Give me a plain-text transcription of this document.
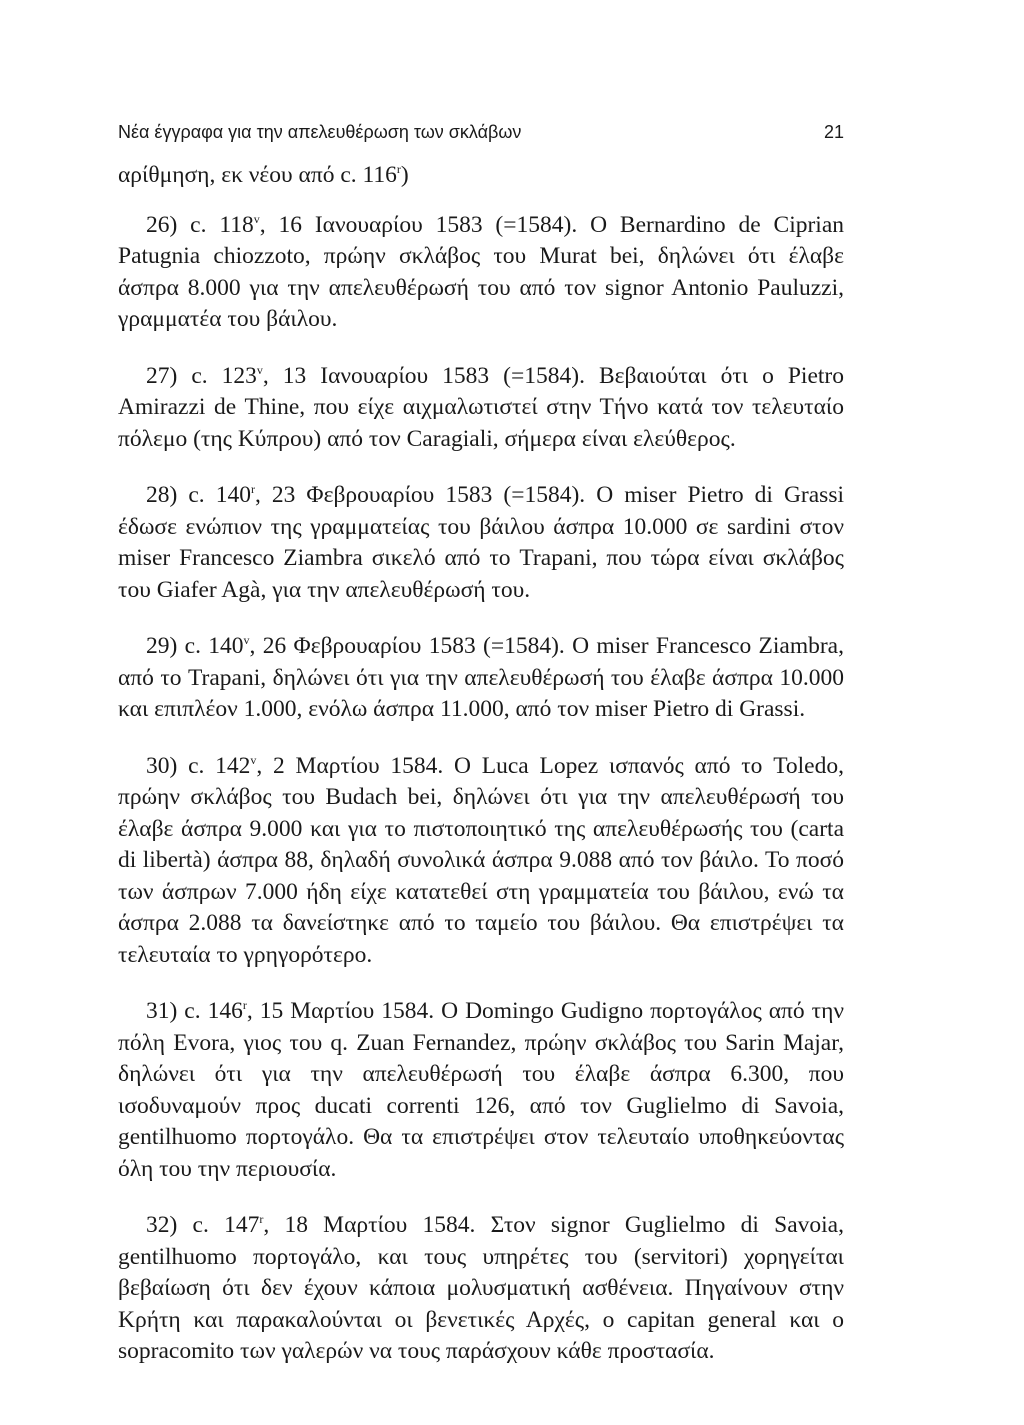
Νέα έγγραφα για την απελευθέρωση των σκλάβων	21

αρίθμηση, εκ νέου από c. 116$^r$)

26) c. 118$^v$, 16 Ιανουαρίου 1583 (=1584). Ο Bernardino de Ciprian Patugnia chiozzoto, πρώην σκλάβος του Murat bei, δηλώνει ότι έλαβε άσπρα 8.000 για την απελευθέρωσή του από τον signor Antonio Pauluzzi, γραμματέα του βάιλου.

27) c. 123$^v$, 13 Ιανουαρίου 1583 (=1584). Βεβαιούται ότι ο Pietro Amirazzi de Thine, που είχε αιχμαλωτιστεί στην Τήνο κατά τον τελευταίο πόλεμο (της Κύπρου) από τον Caragiali, σήμερα είναι ελεύθερος.

28) c. 140$^r$, 23 Φεβρουαρίου 1583 (=1584). Ο miser Pietro di Grassi έδωσε ενώπιον της γραμματείας του βάιλου άσπρα 10.000 σε sardini στον miser Francesco Ziambra σικελό από το Trapani, που τώρα είναι σκλάβος του Giafer Agà, για την απελευθέρωσή του.

29) c. 140$^v$, 26 Φεβρουαρίου 1583 (=1584). Ο miser Francesco Ziambra, από το Trapani, δηλώνει ότι για την απελευθέρωσή του έλαβε άσπρα 10.000 και επιπλέον 1.000, ενόλω άσπρα 11.000, από τον miser Pietro di Grassi.

30) c. 142$^v$, 2 Μαρτίου 1584. Ο Luca Lopez ισπανός από το Toledo, πρώην σκλάβος του Budach bei, δηλώνει ότι για την απελευθέρωσή του έλαβε άσπρα 9.000 και για το πιστοποιητικό της απελευθέρωσής του (carta di libertà) άσπρα 88, δηλαδή συνολικά άσπρα 9.088 από τον βάιλο. Το ποσό των άσπρων 7.000 ήδη είχε κατατεθεί στη γραμματεία του βάιλου, ενώ τα άσπρα 2.088 τα δανείστηκε από το ταμείο του βάιλου. Θα επιστρέψει τα τελευταία το γρηγορότερο.

31) c. 146$^r$, 15 Μαρτίου 1584. Ο Domingo Gudigno πορτογάλος από την πόλη Evora, γιος του q. Zuan Fernandez, πρώην σκλάβος του Sarin Majar, δηλώνει ότι για την απελευθέρωσή του έλαβε άσπρα 6.300, που ισοδυναμούν προς ducati correnti 126, από τον Guglielmo di Savoia, gentilhuomo πορτογάλο. Θα τα επιστρέψει στον τελευταίο υποθηκεύοντας όλη του την περιουσία.

32) c. 147$^r$, 18 Μαρτίου 1584. Στον signor Guglielmo di Savoia, gentilhuomo πορτογάλο, και τους υπηρέτες του (servitori) χορηγείται βεβαίωση ότι δεν έχουν κάποια μολυσματική ασθένεια. Πηγαίνουν στην Κρήτη και παρακαλούνται οι βενετικές Αρχές, ο capitan general και ο sopracomito των γαλερών να τους παράσχουν κάθε προστασία.
